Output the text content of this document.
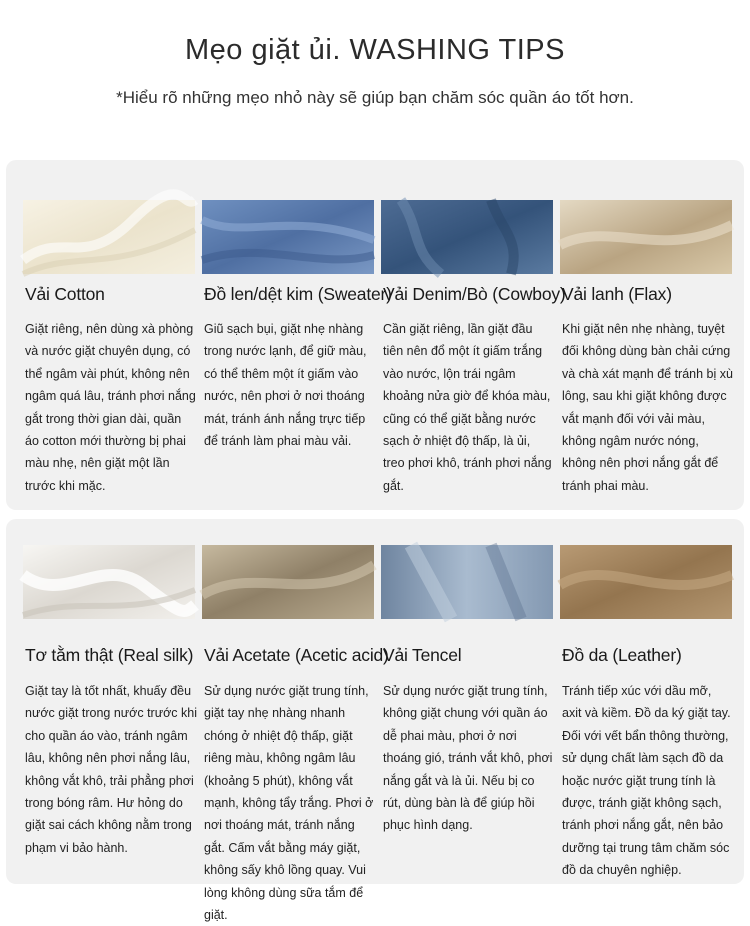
Mẹo giặt ủi. WASHING TIPS
*Hiểu rõ những mẹo nhỏ này sẽ giúp bạn chăm sóc quần áo tốt hơn.
Vải Cotton
Giặt riêng, nên dùng xà phòng và nước giặt chuyên dụng, có thể ngâm vài phút, không nên ngâm quá lâu, tránh phơi nắng gắt trong thời gian dài, quần áo cotton mới thường bị phai màu nhẹ, nên giặt một lần trước khi mặc.
Đồ len/dệt kim (Sweater)
Giũ sạch bụi, giặt nhẹ nhàng trong nước lạnh, để giữ màu, có thể thêm một ít giấm vào nước, nên phơi ở nơi thoáng mát, tránh ánh nắng trực tiếp để tránh làm phai màu vải.
Vải Denim/Bò (Cowboy)
Cần giặt riêng, lần giặt đầu tiên nên đổ một ít giấm trắng vào nước, lộn trái ngâm khoảng nửa giờ để khóa màu, cũng có thể giặt bằng nước sạch ở nhiệt độ thấp, là ủi, treo phơi khô, tránh phơi nắng gắt.
Vải lanh (Flax)
Khi giặt nên nhẹ nhàng, tuyệt đối không dùng bàn chải cứng và chà xát mạnh để tránh bị xù lông, sau khi giặt không được vắt mạnh đối với vải màu, không ngâm nước nóng, không nên phơi nắng gắt để tránh phai màu.
Tơ tằm thật (Real silk)
Giặt tay là tốt nhất, khuấy đều nước giặt trong nước trước khi cho quần áo vào, tránh ngâm lâu, không nên phơi nắng lâu, không vắt khô, trải phẳng phơi trong bóng râm. Hư hỏng do giặt sai cách không nằm trong phạm vi bảo hành.
Vải Acetate (Acetic acid)
Sử dụng nước giặt trung tính, giặt tay nhẹ nhàng nhanh chóng ở nhiệt độ thấp, giặt riêng màu, không ngâm lâu (khoảng 5 phút), không vắt mạnh, không tẩy trắng. Phơi ở nơi thoáng mát, tránh nắng gắt. Cấm vắt bằng máy giặt, không sấy khô lồng quay. Vui lòng không dùng sữa tắm để giặt.
Vải Tencel
Sử dụng nước giặt trung tính, không giặt chung với quần áo dễ phai màu, phơi ở nơi thoáng gió, tránh vắt khô, phơi nắng gắt và là ủi. Nếu bị co rút, dùng bàn là để giúp hồi phục hình dạng.
Đồ da (Leather)
Tránh tiếp xúc với dầu mỡ, axit và kiềm. Đồ da ký giặt tay. Đối với vết bẩn thông thường, sử dụng chất làm sạch đồ da hoặc nước giặt trung tính là được, tránh giặt không sạch, tránh phơi nắng gắt, nên bảo dưỡng tại trung tâm chăm sóc đồ da chuyên nghiệp.
